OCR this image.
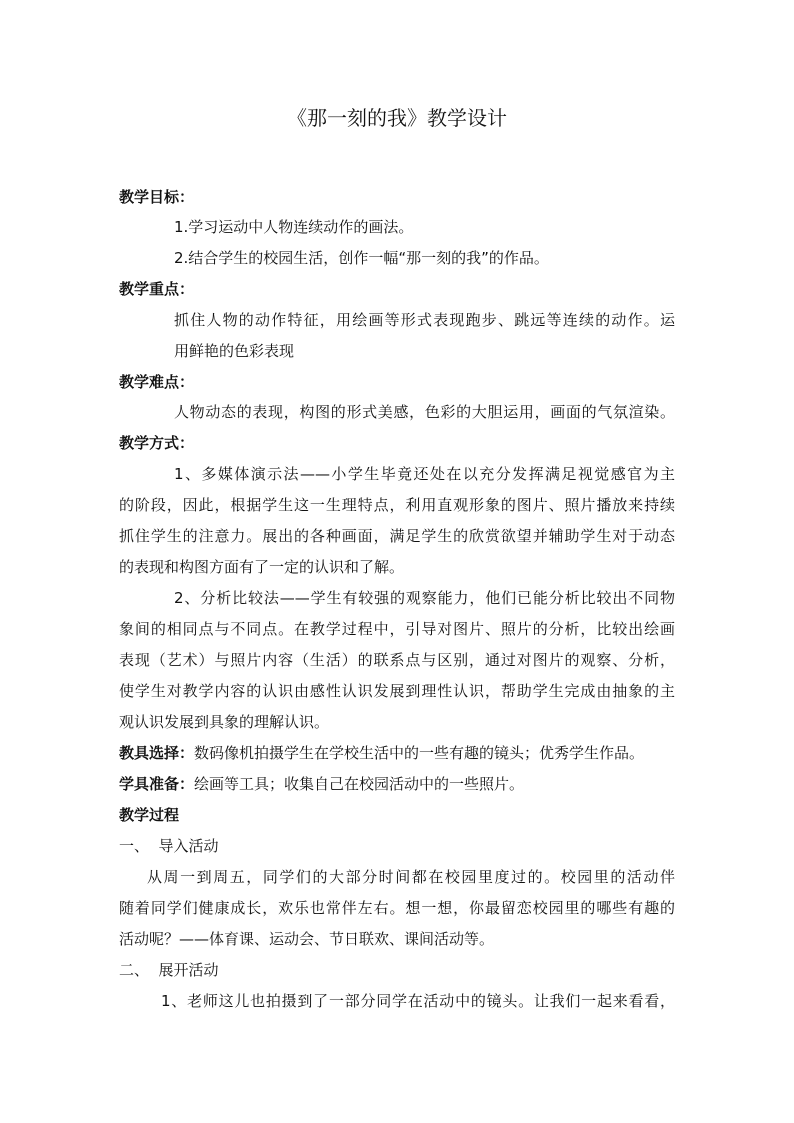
《那一刻的我》教学设计
教学目标：
1.学习运动中人物连续动作的画法。
2.结合学生的校园生活，创作一幅“那一刻的我”的作品。
教学重点：
抓住人物的动作特征，用绘画等形式表现跑步、跳远等连续的动作。运
用鲜艳的色彩表现
教学难点：
人物动态的表现，构图的形式美感，色彩的大胆运用，画面的气氛渲染。
教学方式：
1、多媒体演示法——小学生毕竟还处在以充分发挥满足视觉感官为主
的阶段，因此，根据学生这一生理特点，利用直观形象的图片、照片播放来持续
抓住学生的注意力。展出的各种画面，满足学生的欣赏欲望并辅助学生对于动态
的表现和构图方面有了一定的认识和了解。
2、分析比较法——学生有较强的观察能力，他们已能分析比较出不同物
象间的相同点与不同点。在教学过程中，引导对图片、照片的分析，比较出绘画
表现（艺术）与照片内容（生活）的联系点与区别，通过对图片的观察、分析，
使学生对教学内容的认识由感性认识发展到理性认识，帮助学生完成由抽象的主
观认识发展到具象的理解认识。
教具选择：数码像机拍摄学生在学校生活中的一些有趣的镜头；优秀学生作品。
学具准备：绘画等工具；收集自己在校园活动中的一些照片。
教学过程
一、  导入活动
从周一到周五，同学们的大部分时间都在校园里度过的。校园里的活动伴
随着同学们健康成长，欢乐也常伴左右。想一想，你最留恋校园里的哪些有趣的
活动呢？——体育课、运动会、节日联欢、课间活动等。
二、  展开活动
1、老师这儿也拍摄到了一部分同学在活动中的镜头。让我们一起来看看，
